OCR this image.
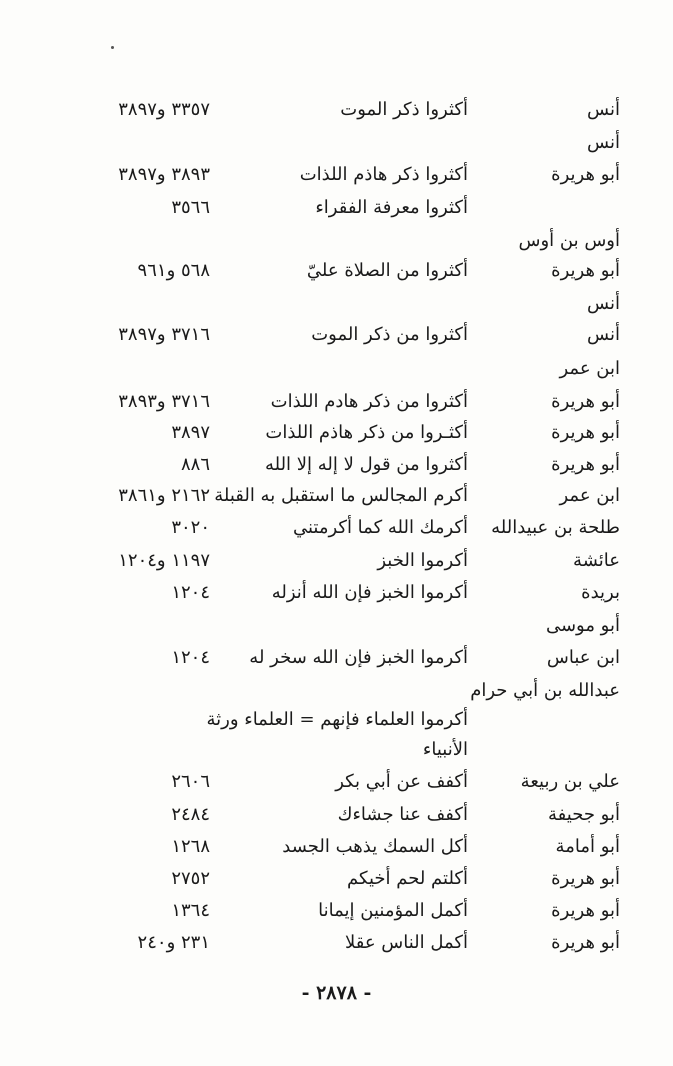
أنس
أكثروا ذكر الموت
٣٣٥٧ و٣٨٩٧
أنس
أبو هريرة
أكثروا ذكر هاذم اللذات
٣٨٩٣ و٣٨٩٧
أكثروا معرفة الفقراء
٣٥٦٦
أوس بن أوس
أبو هريرة
أكثروا من الصلاة عليّ
٥٦٨ و٩٦١
أنس
أنس
أكثروا من ذكر الموت
٣٧١٦ و٣٨٩٧
ابن عمر
أبو هريرة
أكثروا من ذكر هادم اللذات
٣٧١٦ و٣٨٩٣
أبو هريرة
أكثـروا من ذكر هاذم اللذات
٣٨٩٧
أبو هريرة
أكثروا من قول لا إله إلا الله
٨٨٦
ابن عمر
أكرم المجالس ما استقبل به القبلة
٢١٦٢ و٣٨٦١
طلحة بن عبيدالله
أكرمك الله كما أكرمتني
٣٠٢٠
عائشة
أكرموا الخبز
١١٩٧ و١٢٠٤
بريدة
أكرموا الخبز فإن الله أنزله
١٢٠٤
أبو موسى
ابن عباس
أكرموا الخبز فإن الله سخر له
١٢٠٤
عبدالله بن أبي حرام
أكرموا العلماء فإنهم = العلماء ورثة
الأنبياء
علي بن ربيعة
أكفف عن أبي بكر
٢٦٠٦
أبو جحيفة
أكفف عنا جشاءك
٢٤٨٤
أبو أمامة
أكل السمك يذهب الجسد
١٢٦٨
أبو هريرة
أكلتم لحم أخيكم
٢٧٥٢
أبو هريرة
أكمل المؤمنين إيمانا
١٣٦٤
أبو هريرة
أكمل الناس عقلا
٢٣١ و٢٤٠
- ٢٨٧٨ -
